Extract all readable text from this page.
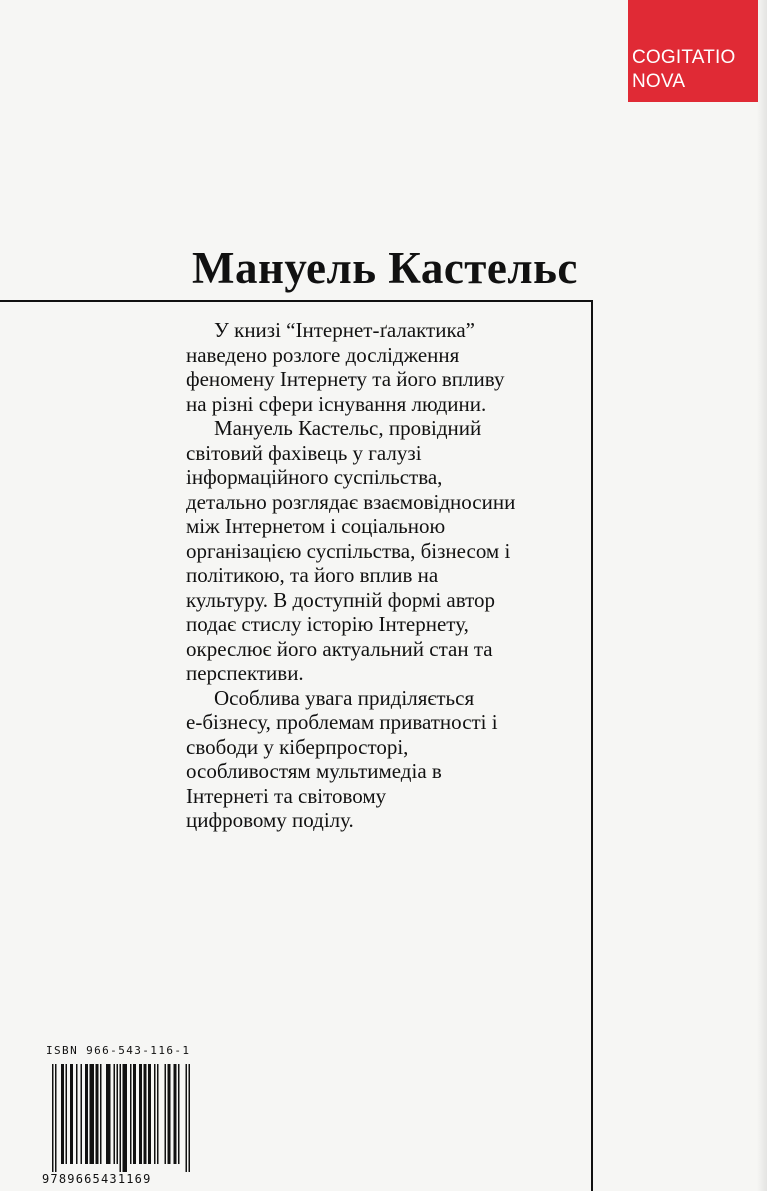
COGITATIO
NOVA
Мануель Кастельс

У книзі “Інтернет-ґалактика”
наведено розлоге дослідження
феномену Інтернету та його впливу
на різні сфери існування людини.

Мануель Кастельс, провідний
світовий фахівець у галузі
інформаційного суспільства,
детально розглядає взаємовідносини
між Інтернетом і соціальною
організацією суспільства, бізнесом і
політикою, та його вплив на
культуру. В доступній формі автор
подає стислу історію Інтернету,
окреслює його актуальний стан та
перспективи.

Особлива увага приділяється
е-бізнесу, проблемам приватності і
свободи у кіберпросторі,
особливостям мультимедіа в
Інтернеті та світовому
цифровому поділу.

ISBN 966-543-116-1
9789665431169
